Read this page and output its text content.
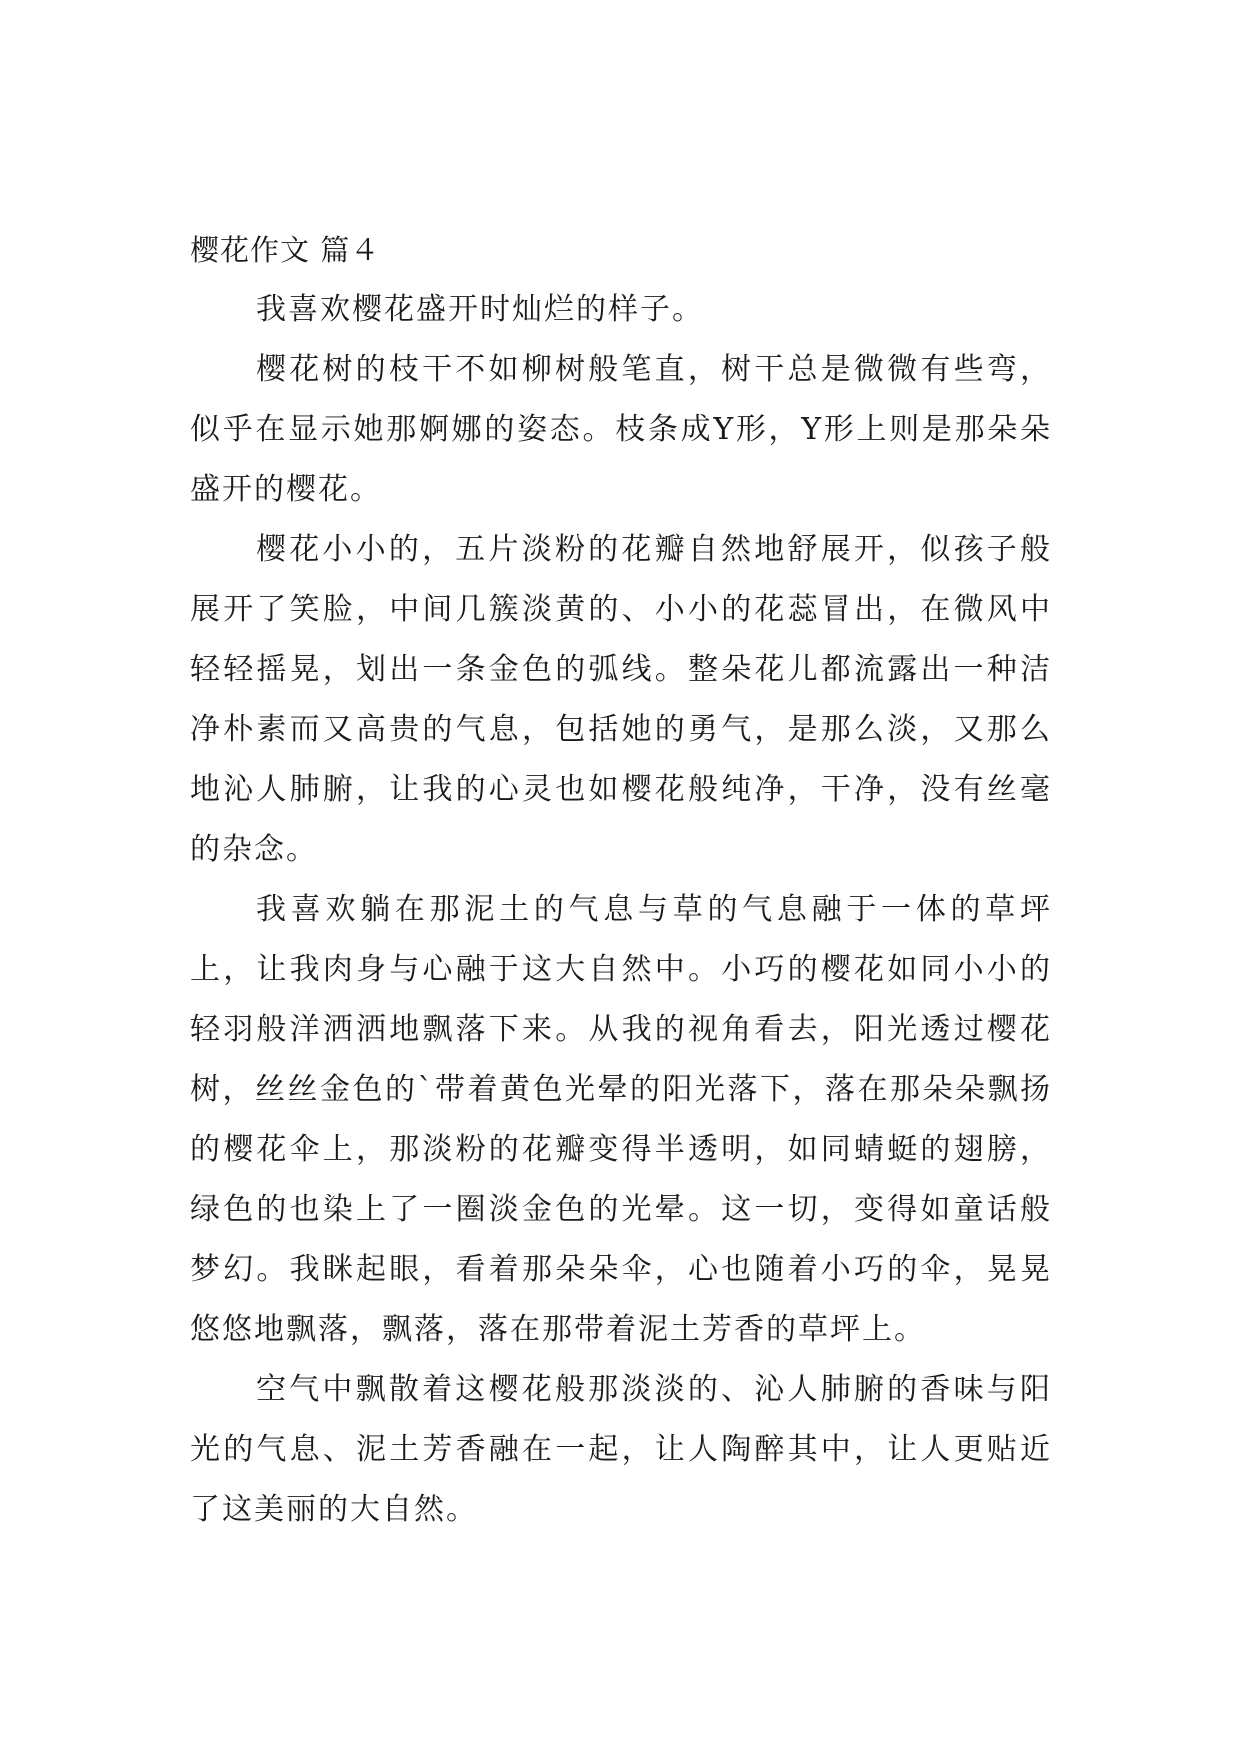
樱花作文 篇４

我喜欢樱花盛开时灿烂的样子。

樱花树的枝干不如柳树般笔直，树干总是微微有些弯，似乎在显示她那婀娜的姿态。枝条成Y形，Y形上则是那朵朵盛开的樱花。

樱花小小的，五片淡粉的花瓣自然地舒展开，似孩子般展开了笑脸，中间几簇淡黄的、小小的花蕊冒出，在微风中轻轻摇晃，划出一条金色的弧线。整朵花儿都流露出一种洁净朴素而又高贵的气息，包括她的勇气，是那么淡，又那么地沁人肺腑，让我的心灵也如樱花般纯净，干净，没有丝毫的杂念。

我喜欢躺在那泥土的气息与草的气息融于一体的草坪上，让我肉身与心融于这大自然中。小巧的樱花如同小小的轻羽般洋洒洒地飘落下来。从我的视角看去，阳光透过樱花树，丝丝金色的`带着黄色光晕的阳光落下，落在那朵朵飘扬的樱花伞上，那淡粉的花瓣变得半透明，如同蜻蜓的翅膀，绿色的也染上了一圈淡金色的光晕。这一切，变得如童话般梦幻。我眯起眼，看着那朵朵伞，心也随着小巧的伞，晃晃悠悠地飘落，飘落，落在那带着泥土芳香的草坪上。

空气中飘散着这樱花般那淡淡的、沁人肺腑的香味与阳光的气息、泥土芳香融在一起，让人陶醉其中，让人更贴近了这美丽的大自然。
